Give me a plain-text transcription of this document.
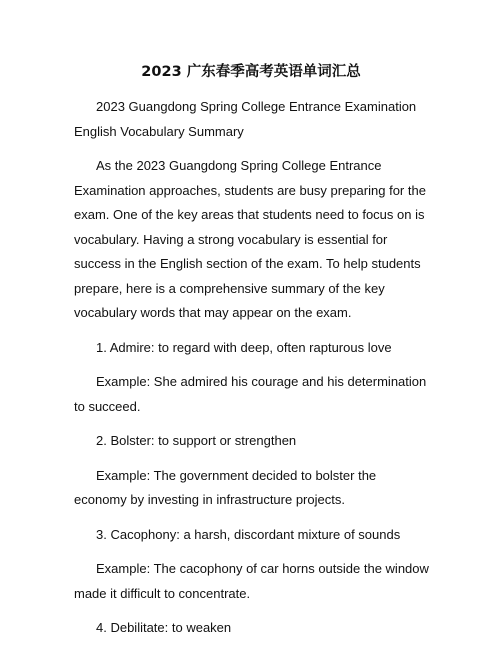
2023 广东春季高考英语单词汇总

2023 Guangdong Spring College Entrance Examination English Vocabulary Summary

As the 2023 Guangdong Spring College Entrance Examination approaches, students are busy preparing for the exam. One of the key areas that students need to focus on is vocabulary. Having a strong vocabulary is essential for success in the English section of the exam. To help students prepare, here is a comprehensive summary of the key vocabulary words that may appear on the exam.

1. Admire: to regard with deep, often rapturous love

Example: She admired his courage and his determination to succeed.

2. Bolster: to support or strengthen

Example: The government decided to bolster the economy by investing in infrastructure projects.

3. Cacophony: a harsh, discordant mixture of sounds

Example: The cacophony of car horns outside the window made it difficult to concentrate.

4. Debilitate: to weaken
